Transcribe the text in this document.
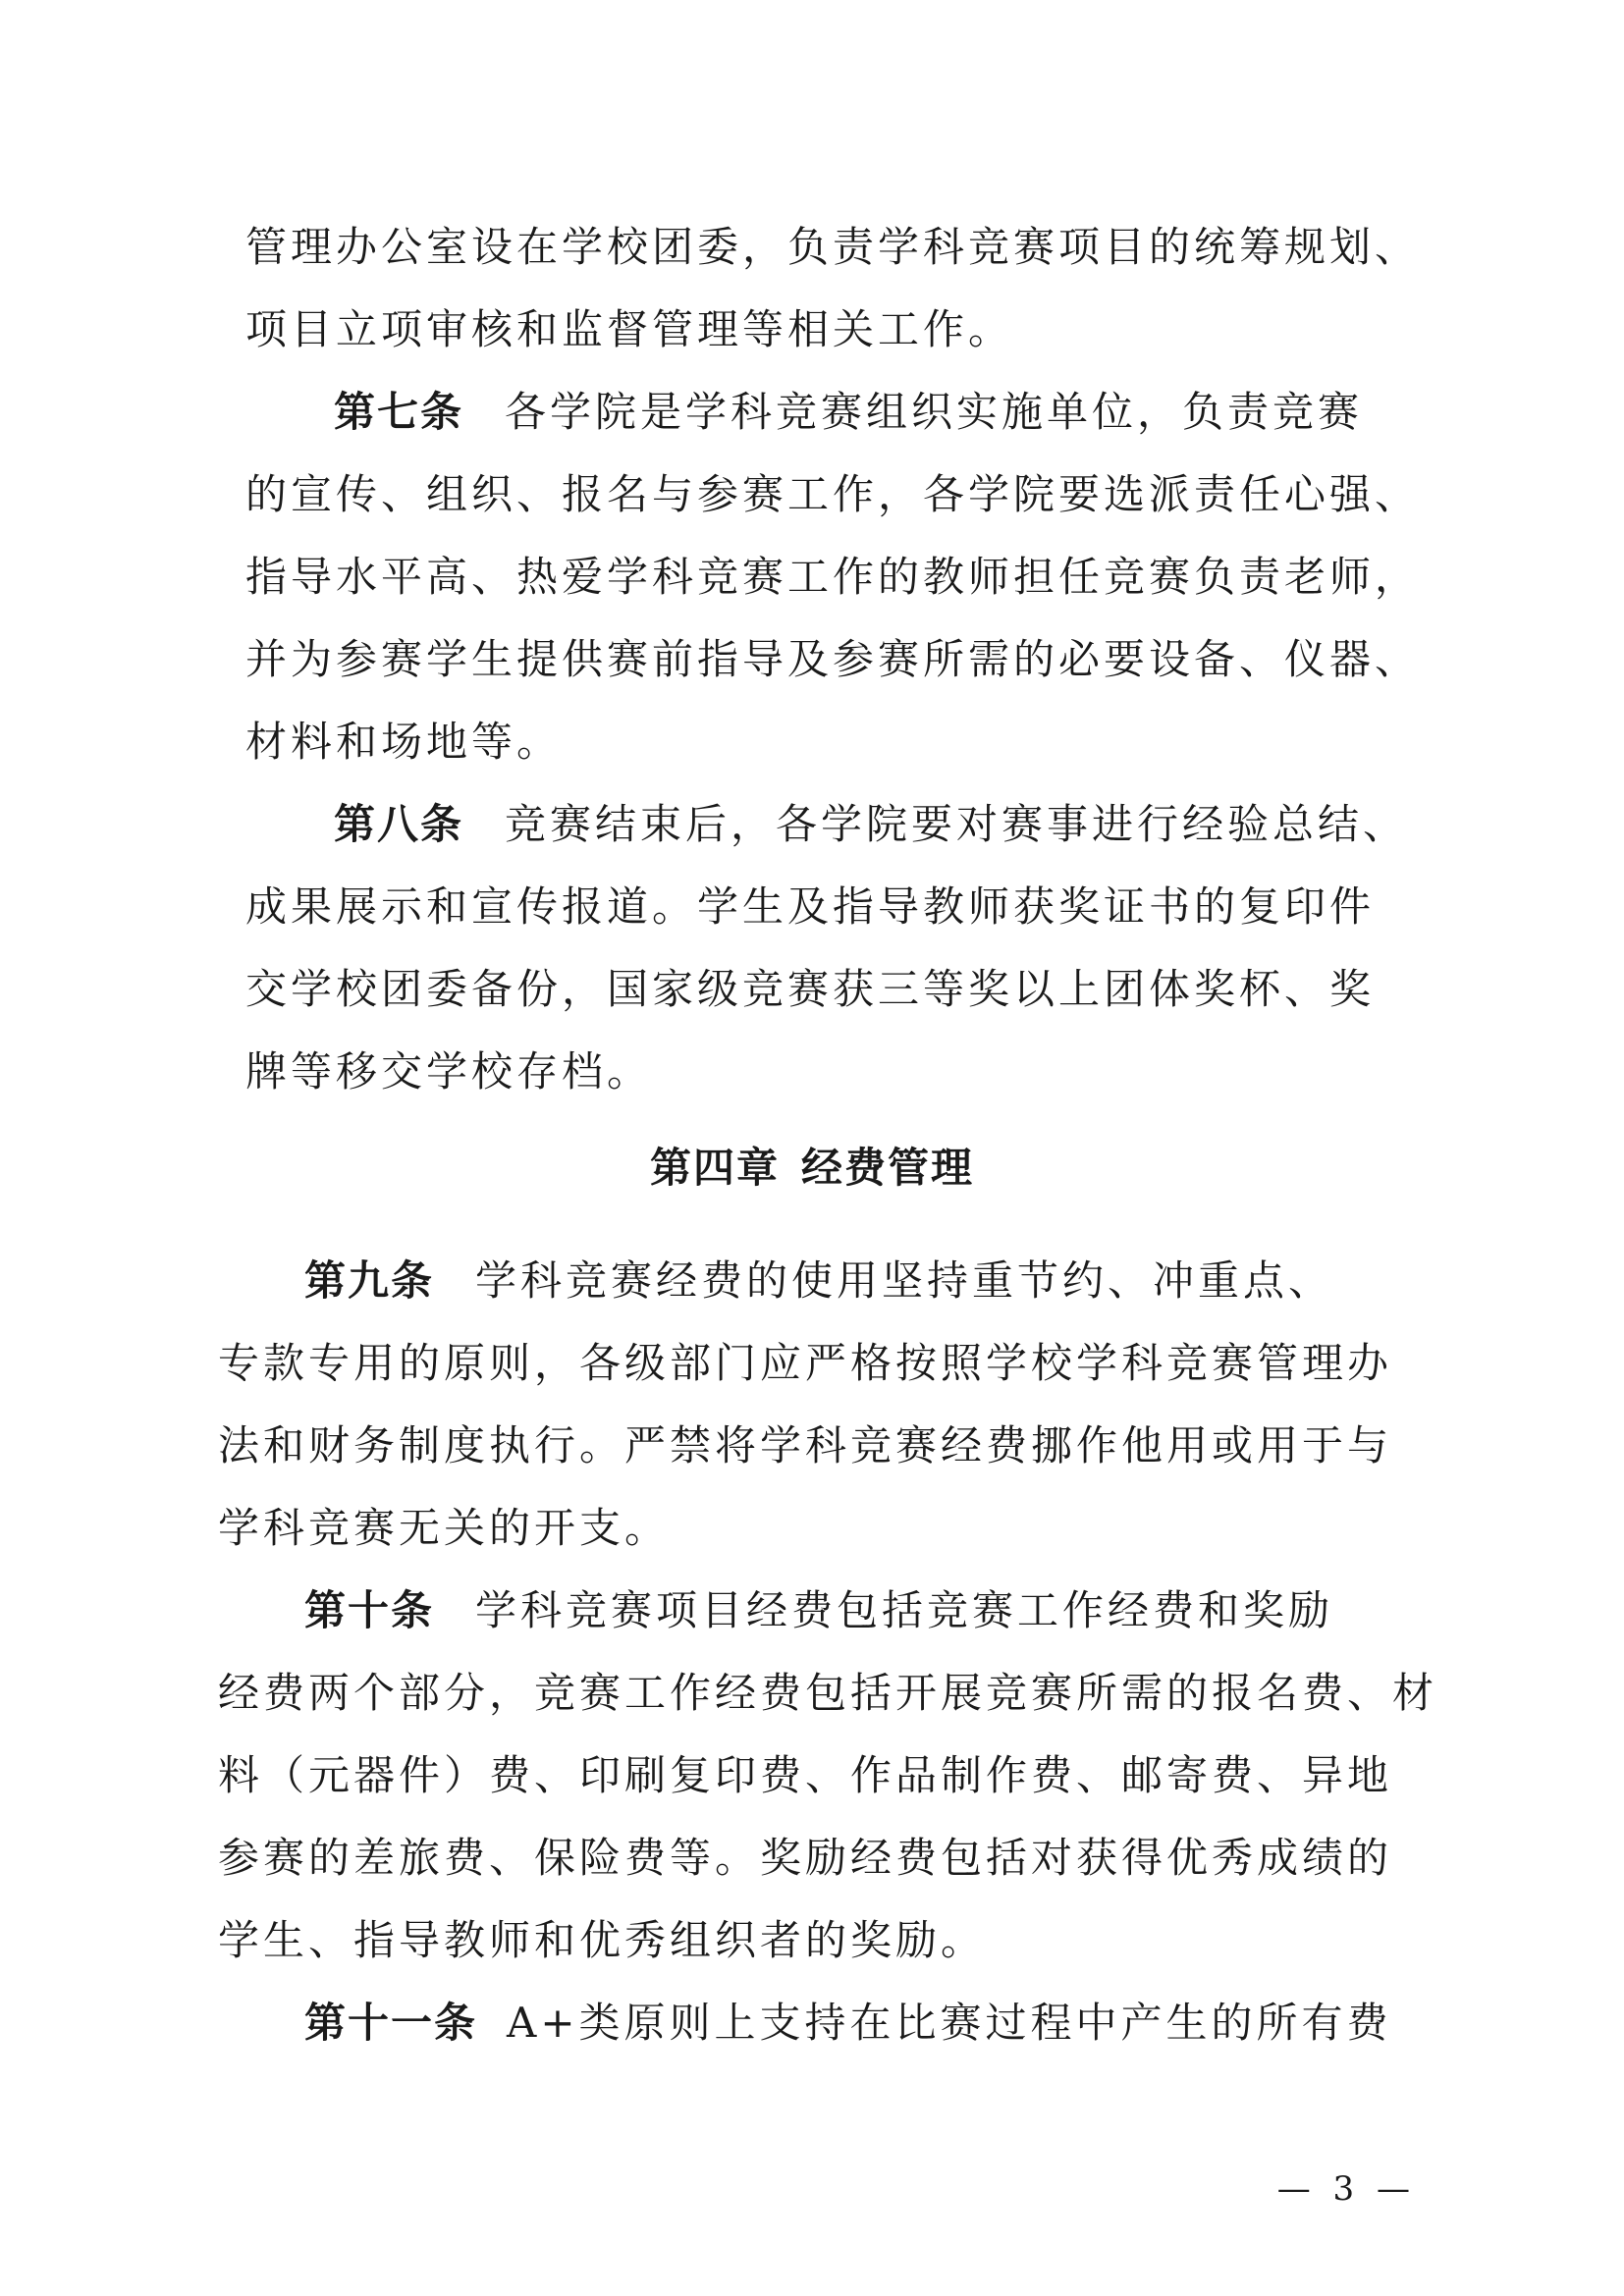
管理办公室设在学校团委，负责学科竞赛项目的统筹规划、
项目立项审核和监督管理等相关工作。
第七条 各学院是学科竞赛组织实施单位，负责竞赛
的宣传、组织、报名与参赛工作，各学院要选派责任心强、
指导水平高、热爱学科竞赛工作的教师担任竞赛负责老师，
并为参赛学生提供赛前指导及参赛所需的必要设备、仪器、
材料和场地等。
第八条 竞赛结束后，各学院要对赛事进行经验总结、
成果展示和宣传报道。学生及指导教师获奖证书的复印件
交学校团委备份，国家级竞赛获三等奖以上团体奖杯、奖
牌等移交学校存档。
第四章 经费管理
第九条 学科竞赛经费的使用坚持重节约、冲重点、
专款专用的原则，各级部门应严格按照学校学科竞赛管理办
法和财务制度执行。严禁将学科竞赛经费挪作他用或用于与
学科竞赛无关的开支。
第十条 学科竞赛项目经费包括竞赛工作经费和奖励
经费两个部分，竞赛工作经费包括开展竞赛所需的报名费、材
料（元器件）费、印刷复印费、作品制作费、邮寄费、异地
参赛的差旅费、保险费等。奖励经费包括对获得优秀成绩的
学生、指导教师和优秀组织者的奖励。
第十一条 A+类原则上支持在比赛过程中产生的所有费
— 3 —
